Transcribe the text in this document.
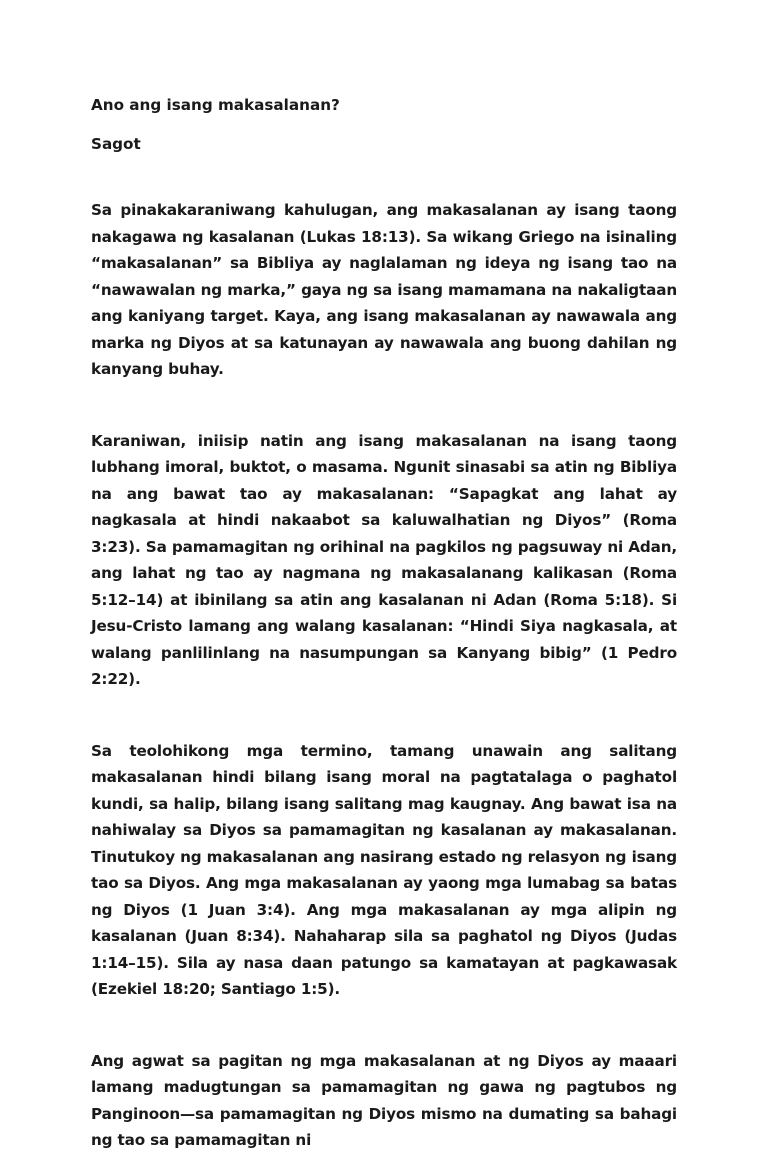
Ano ang isang makasalanan?

Sagot

Sa pinakakaraniwang kahulugan, ang makasalanan ay isang taong nakagawa ng kasalanan (Lukas 18:13). Sa wikang Griego na isinaling “makasalanan” sa Bibliya ay naglalaman ng ideya ng isang tao na “nawawalan ng marka,” gaya ng sa isang mamamana na nakaligtaan ang kaniyang target. Kaya, ang isang makasalanan ay nawawala ang marka ng Diyos at sa katunayan ay nawawala ang buong dahilan ng kanyang buhay.

Karaniwan, iniisip natin ang isang makasalanan na isang taong lubhang imoral, buktot, o masama. Ngunit sinasabi sa atin ng Bibliya na ang bawat tao ay makasalanan: “Sapagkat ang lahat ay nagkasala at hindi nakaabot sa kaluwalhatian ng Diyos” (Roma 3:23). Sa pamamagitan ng orihinal na pagkilos ng pagsuway ni Adan, ang lahat ng tao ay nagmana ng makasalanang kalikasan (Roma 5:12–14) at ibinilang sa atin ang kasalanan ni Adan (Roma 5:18). Si Jesu-Cristo lamang ang walang kasalanan: “Hindi Siya nagkasala, at walang panlilinlang na nasumpungan sa Kanyang bibig” (1 Pedro 2:22).

Sa teolohikong mga termino, tamang unawain ang salitang makasalanan hindi bilang isang moral na pagtatalaga o paghatol kundi, sa halip, bilang isang salitang mag kaugnay. Ang bawat isa na nahiwalay sa Diyos sa pamamagitan ng kasalanan ay makasalanan. Tinutukoy ng makasalanan ang nasirang estado ng relasyon ng isang tao sa Diyos. Ang mga makasalanan ay yaong mga lumabag sa batas ng Diyos (1 Juan 3:4). Ang mga makasalanan ay mga alipin ng kasalanan (Juan 8:34). Nahaharap sila sa paghatol ng Diyos (Judas 1:14–15). Sila ay nasa daan patungo sa kamatayan at pagkawasak (Ezekiel 18:20; Santiago 1:5).

Ang agwat sa pagitan ng mga makasalanan at ng Diyos ay maaari lamang madugtungan sa pamamagitan ng gawa ng pagtubos ng Panginoon—sa pamamagitan ng Diyos mismo na dumating sa bahagi ng tao sa pamamagitan ni
